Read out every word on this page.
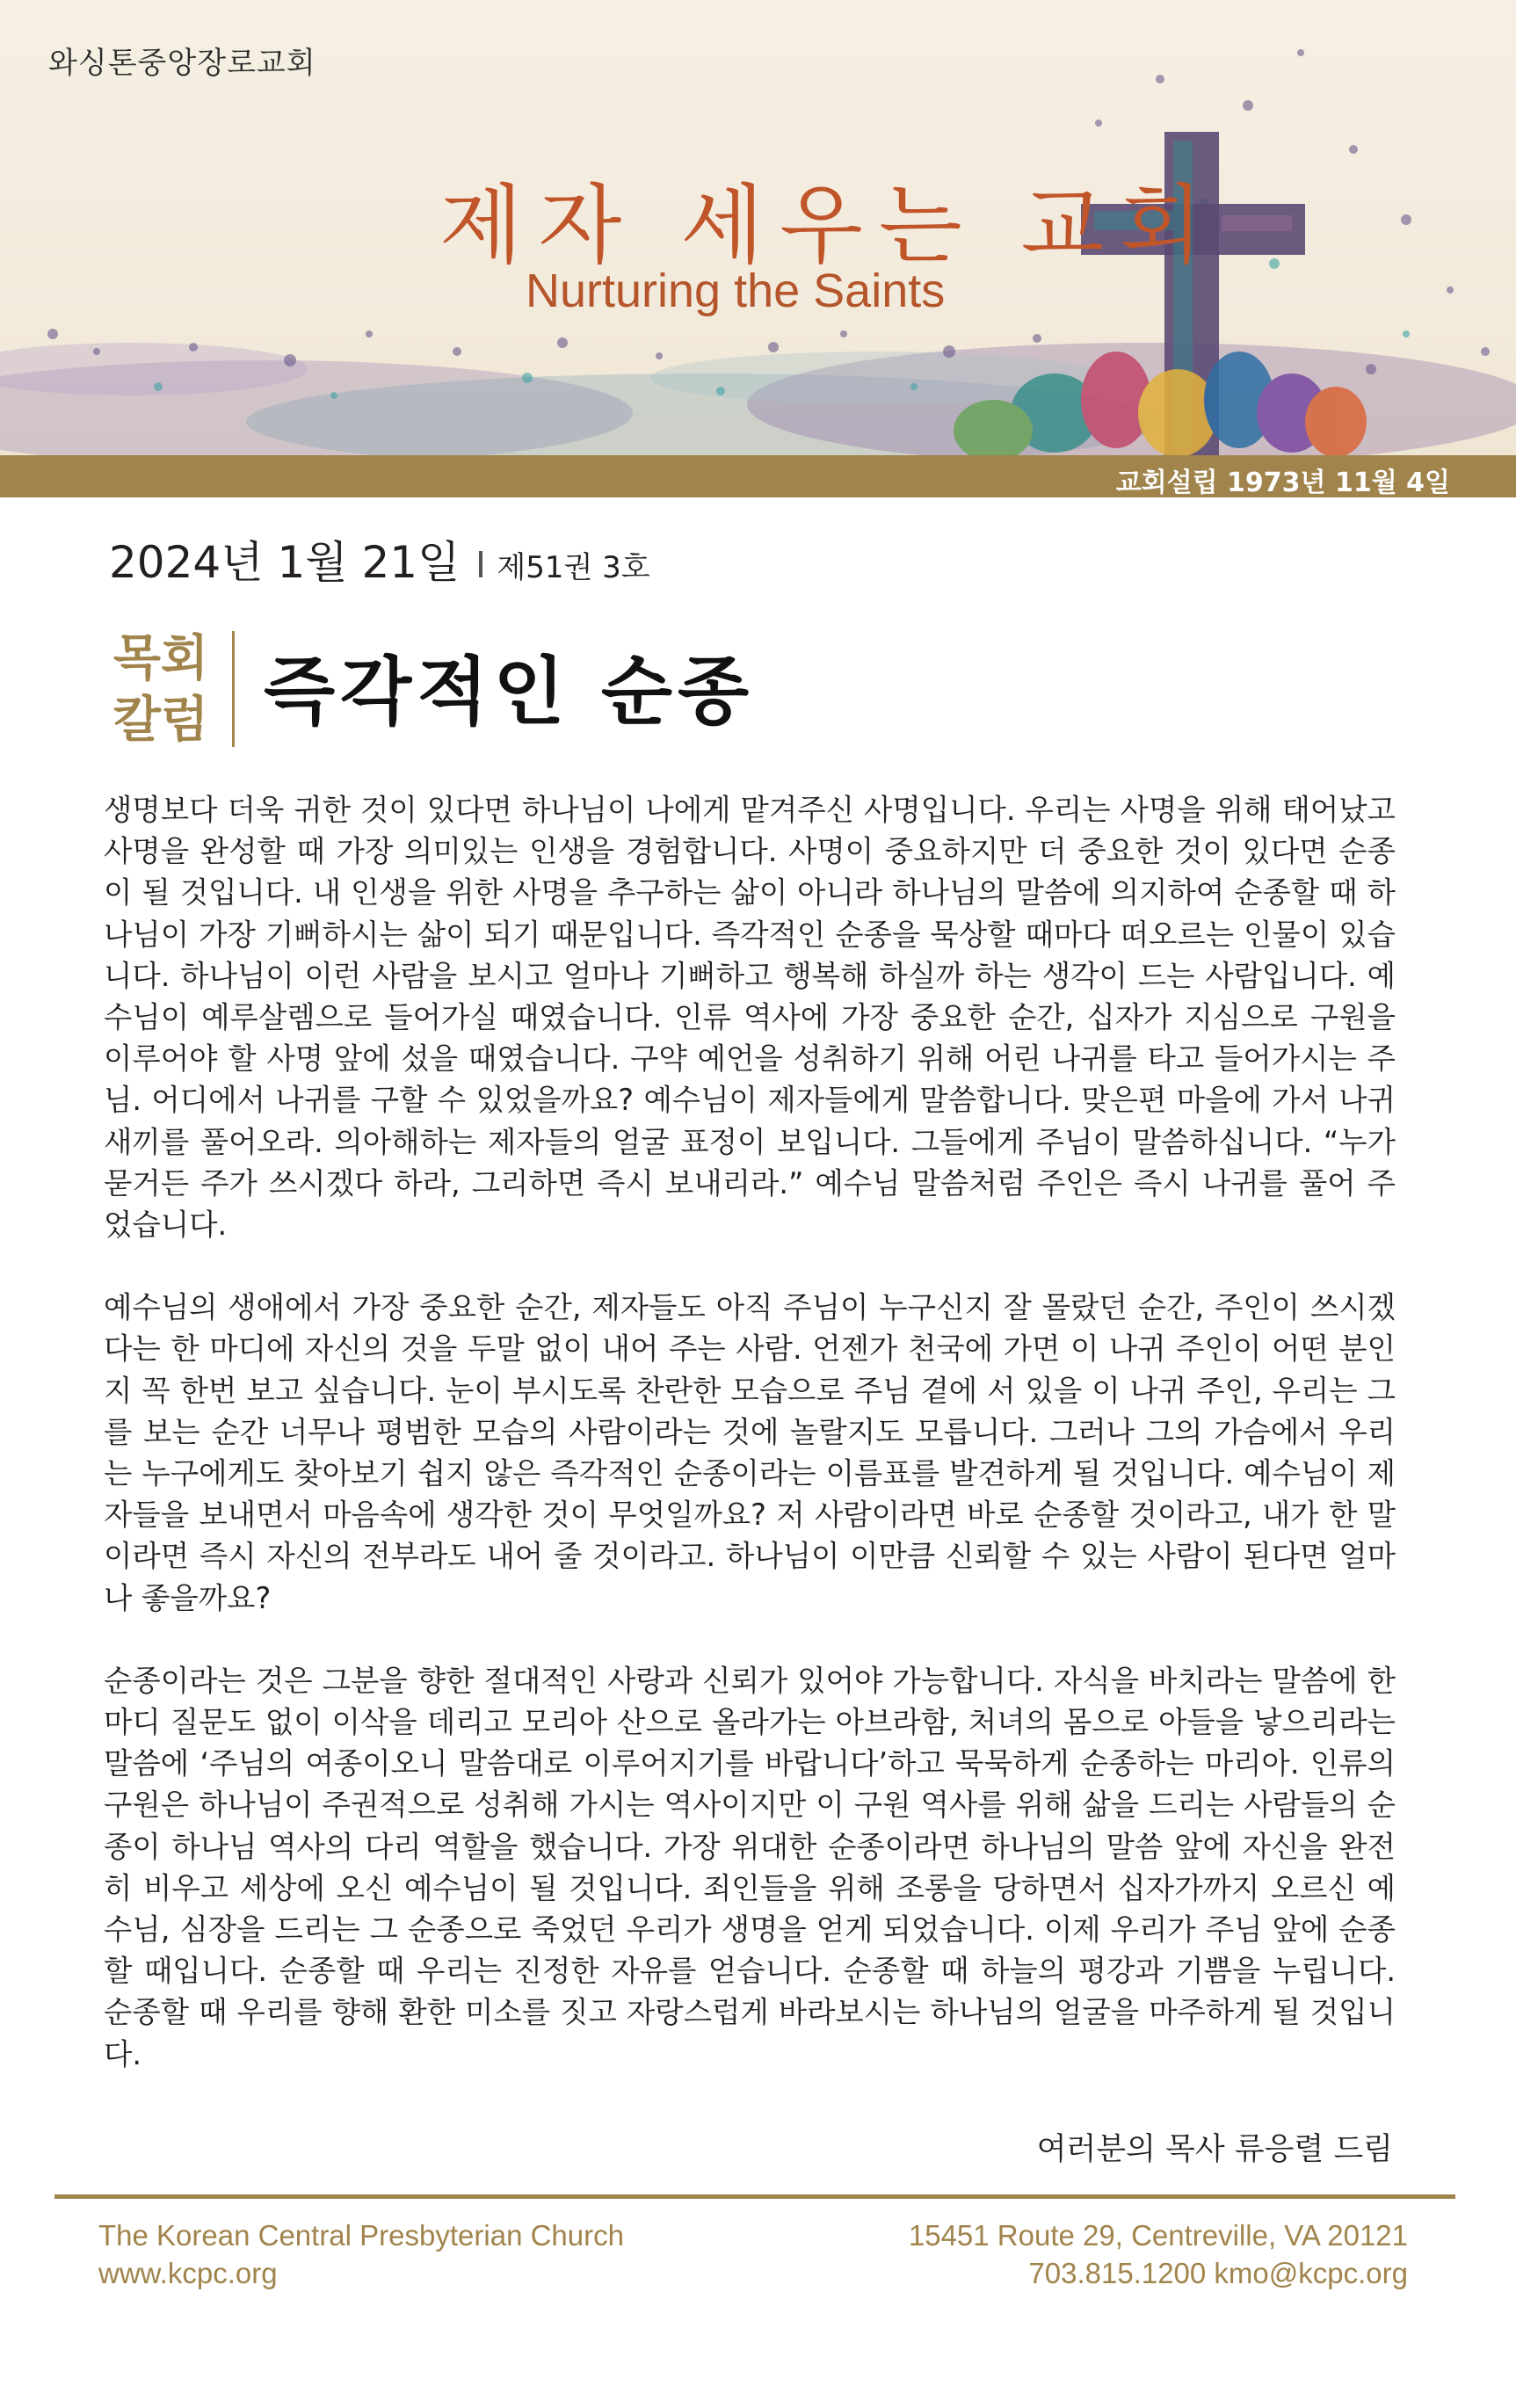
와싱톤중앙장로교회
제자 세우는 교회
Nurturing the Saints
교회설립 1973년 11월 4일
2024년 1월 21일 제51권 3호
목회
칼럼 즉각적인 순종

생명보다 더욱 귀한 것이 있다면 하나님이 나에게 맡겨주신 사명입니다. 우리는 사명을 위해 태어났고 사명을 완성할 때 가장 의미있는 인생을 경험합니다. 사명이 중요하지만 더 중요한 것이 있다면 순종이 될 것입니다. 내 인생을 위한 사명을 추구하는 삶이 아니라 하나님의 말씀에 의지하여 순종할 때 하나님이 가장 기뻐하시는 삶이 되기 때문입니다. 즉각적인 순종을 묵상할 때마다 떠오르는 인물이 있습니다. 하나님이 이런 사람을 보시고 얼마나 기뻐하고 행복해 하실까 하는 생각이 드는 사람입니다. 예수님이 예루살렘으로 들어가실 때였습니다. 인류 역사에 가장 중요한 순간, 십자가 지심으로 구원을 이루어야 할 사명 앞에 섰을 때였습니다. 구약 예언을 성취하기 위해 어린 나귀를 타고 들어가시는 주님. 어디에서 나귀를 구할 수 있었을까요? 예수님이 제자들에게 말씀합니다. 맞은편 마을에 가서 나귀 새끼를 풀어오라. 의아해하는 제자들의 얼굴 표정이 보입니다. 그들에게 주님이 말씀하십니다. “누가 묻거든 주가 쓰시겠다 하라, 그리하면 즉시 보내리라.” 예수님 말씀처럼 주인은 즉시 나귀를 풀어 주었습니다.

예수님의 생애에서 가장 중요한 순간, 제자들도 아직 주님이 누구신지 잘 몰랐던 순간, 주인이 쓰시겠다는 한 마디에 자신의 것을 두말 없이 내어 주는 사람. 언젠가 천국에 가면 이 나귀 주인이 어떤 분인지 꼭 한번 보고 싶습니다. 눈이 부시도록 찬란한 모습으로 주님 곁에 서 있을 이 나귀 주인, 우리는 그를 보는 순간 너무나 평범한 모습의 사람이라는 것에 놀랄지도 모릅니다. 그러나 그의 가슴에서 우리는 누구에게도 찾아보기 쉽지 않은 즉각적인 순종이라는 이름표를 발견하게 될 것입니다. 예수님이 제자들을 보내면서 마음속에 생각한 것이 무엇일까요? 저 사람이라면 바로 순종할 것이라고, 내가 한 말이라면 즉시 자신의 전부라도 내어 줄 것이라고. 하나님이 이만큼 신뢰할 수 있는 사람이 된다면 얼마나 좋을까요?

순종이라는 것은 그분을 향한 절대적인 사랑과 신뢰가 있어야 가능합니다. 자식을 바치라는 말씀에 한 마디 질문도 없이 이삭을 데리고 모리아 산으로 올라가는 아브라함, 처녀의 몸으로 아들을 낳으리라는 말씀에 ‘주님의 여종이오니 말씀대로 이루어지기를 바랍니다’하고 묵묵하게 순종하는 마리아. 인류의 구원은 하나님이 주권적으로 성취해 가시는 역사이지만 이 구원 역사를 위해 삶을 드리는 사람들의 순종이 하나님 역사의 다리 역할을 했습니다. 가장 위대한 순종이라면 하나님의 말씀 앞에 자신을 완전히 비우고 세상에 오신 예수님이 될 것입니다. 죄인들을 위해 조롱을 당하면서 십자가까지 오르신 예수님, 심장을 드리는 그 순종으로 죽었던 우리가 생명을 얻게 되었습니다. 이제 우리가 주님 앞에 순종할 때입니다. 순종할 때 우리는 진정한 자유를 얻습니다. 순종할 때 하늘의 평강과 기쁨을 누립니다. 순종할 때 우리를 향해 환한 미소를 짓고 자랑스럽게 바라보시는 하나님의 얼굴을 마주하게 될 것입니다.

여러분의 목사 류응렬 드림
The Korean Central Presbyterian Church
www.kcpc.org
15451 Route 29, Centreville, VA 20121
703.815.1200 kmo@kcpc.org
